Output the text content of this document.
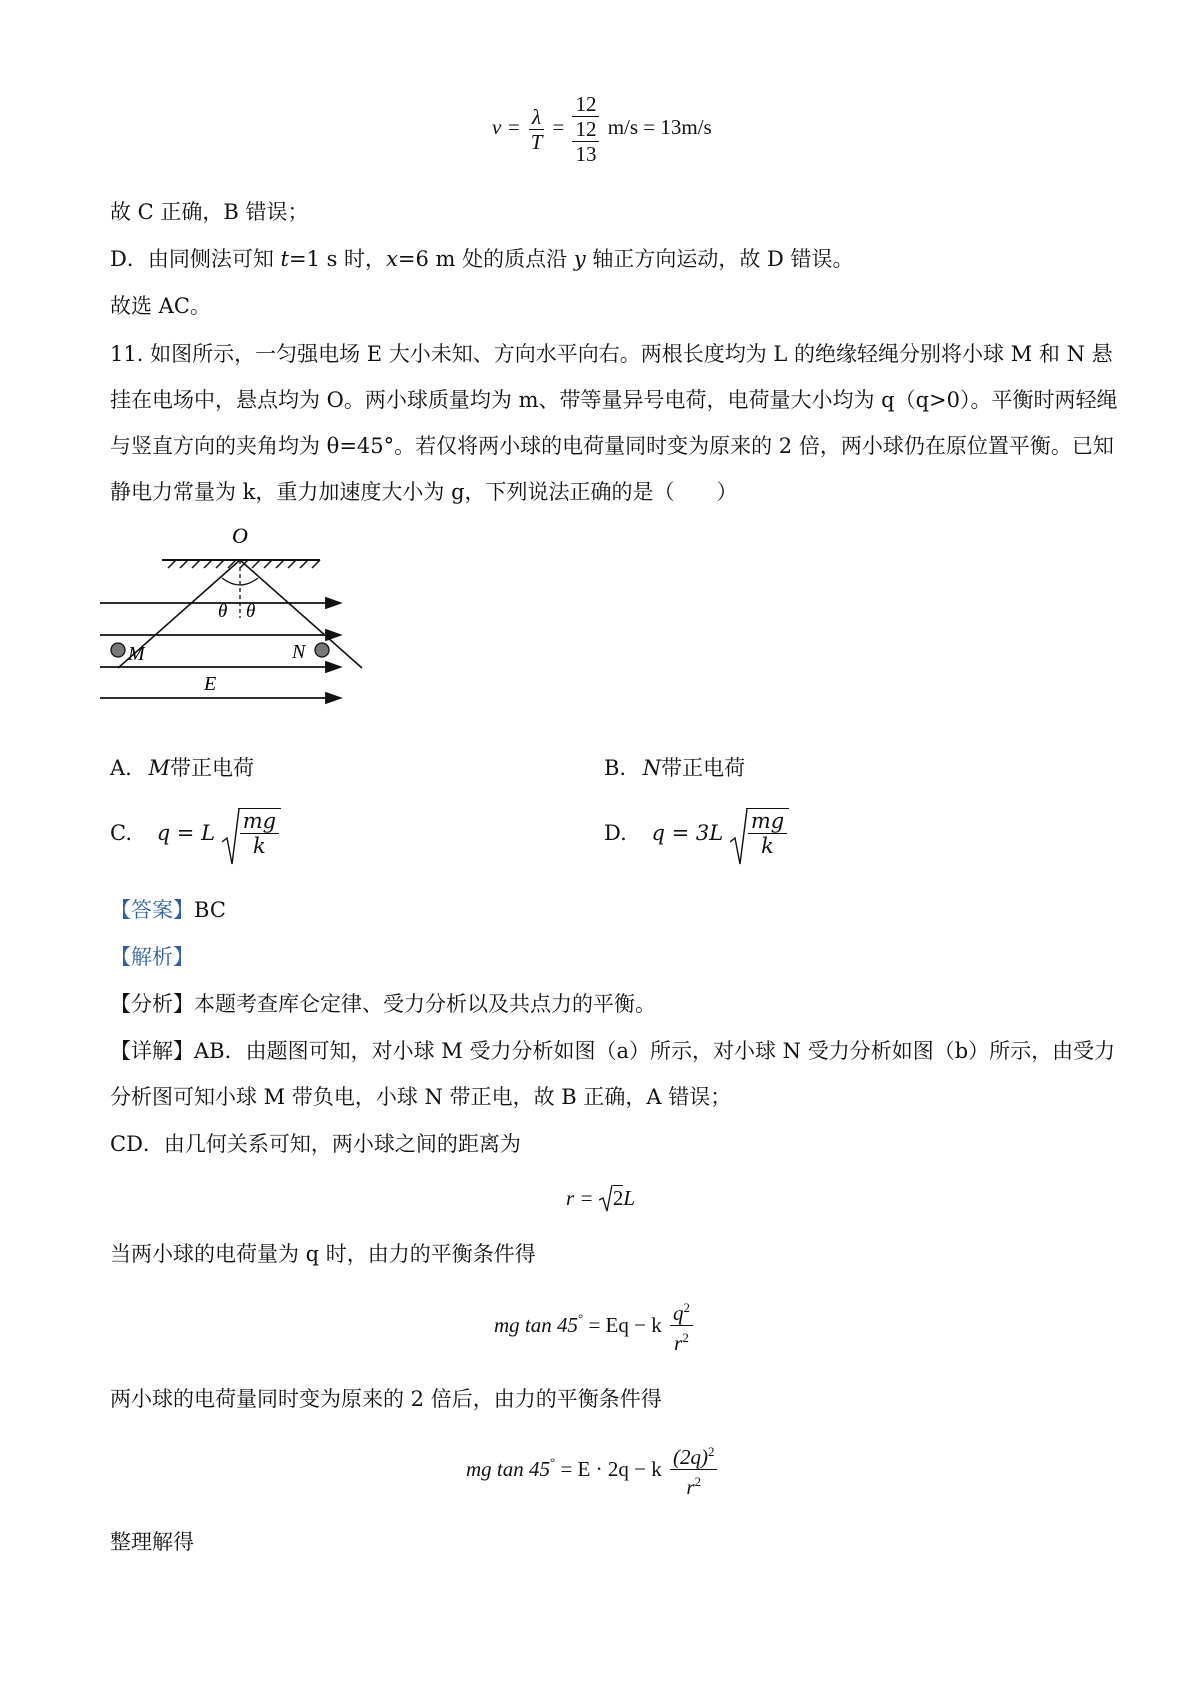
$v = \frac{\lambda}{T} = 12$
12
13 m/s = 13m/s
故 C 正确，B 错误；
D．由同侧法可知 t=1 s 时，x=6 m 处的质点沿 y 轴正方向运动，故 D 错误。
故选 AC。
11. 如图所示，一匀强电场 E 大小未知、方向水平向右。两根长度均为 L 的绝缘轻绳分别将小球 M 和 N 悬
挂在电场中，悬点均为 O。两小球质量均为 m、带等量异号电荷，电荷量大小均为 q（q>0）。平衡时两轻绳
与竖直方向的夹角均为 θ=45°。若仅将两小球的电荷量同时变为原来的 2 倍，两小球仍在原位置平衡。已知
静电力常量为 k，重力加速度大小为 g，下列说法正确的是（　　）
O
θ θ
M	N
E
A. M带正电荷	B. N带正电荷
C. q = L $\frac{mg}{k}$	D. $q = 3L \frac{mg}{k}$
【答案】BC
【解析】
【分析】本题考查库仑定律、受力分析以及共点力的平衡。
【详解】AB．由题图可知，对小球 M 受力分析如图（a）所示，对小球 N 受力分析如图（b）所示，由受力
分析图可知小球 M 带负电，小球 N 带正电，故 B 正确，A 错误；
CD．由几何关系可知，两小球之间的距离为
r =
2L
当两小球的电荷量为 q 时，由力的平衡条件得
mg tan 45° = Eq − k $\frac{q^2}{r^2}$
两小球的电荷量同时变为原来的 2 倍后，由力的平衡条件得
mg tan 45° = E · 2q − k $\frac{(2q)^2}{r^2}$
整理解得
